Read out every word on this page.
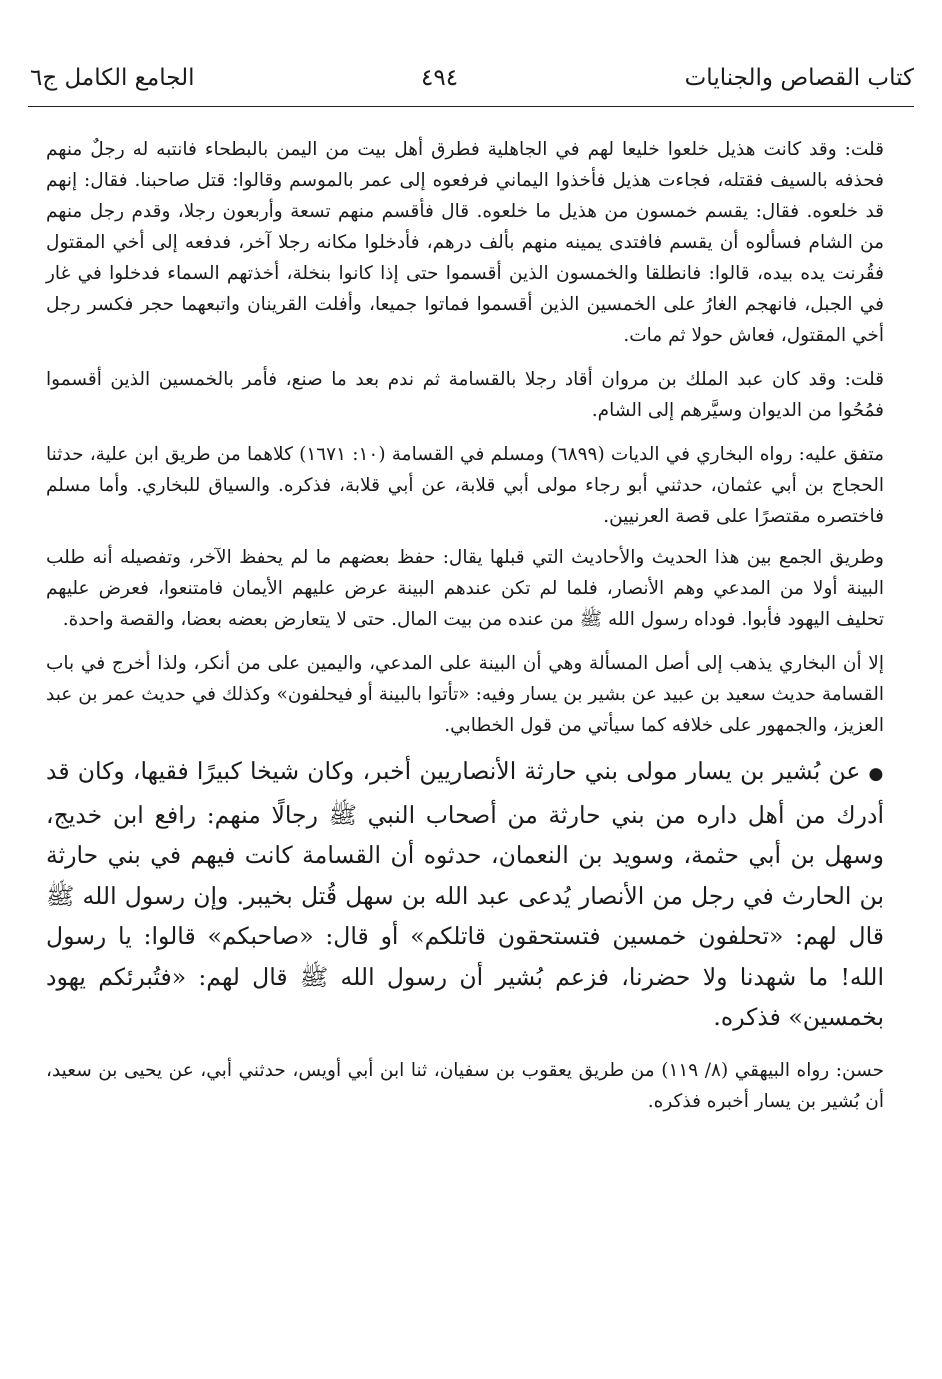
الجامع الكامل ج٦	٤٩٤	كتاب القصاص والجنايات

قلت: وقد كانت هذيل خلعوا خليعا لهم في الجاهلية فطرق أهل بيت من اليمن بالبطحاء فانتبه له رجلٌ منهم فحذفه بالسيف فقتله، فجاءت هذيل فأخذوا اليماني فرفعوه إلى عمر بالموسم وقالوا: قتل صاحبنا. فقال: إنهم قد خلعوه. فقال: يقسم خمسون من هذيل ما خلعوه. قال فأقسم منهم تسعة وأربعون رجلا، وقدم رجل منهم من الشام فسألوه أن يقسم فافتدى يمينه منهم بألف درهم، فأدخلوا مكانه رجلا آخر، فدفعه إلى أخي المقتول فقُرنت يده بيده، قالوا: فانطلقا والخمسون الذين أقسموا حتى إذا كانوا بنخلة، أخذتهم السماء فدخلوا في غار في الجبل، فانهجم الغارُ على الخمسين الذين أقسموا فماتوا جميعا، وأفلت القرينان واتبعهما حجر فكسر رجل أخي المقتول، فعاش حولا ثم مات.

قلت: وقد كان عبد الملك بن مروان أقاد رجلا بالقسامة ثم ندم بعد ما صنع، فأمر بالخمسين الذين أقسموا فمُحُوا من الديوان وسيَّرهم إلى الشام.

متفق عليه: رواه البخاري في الديات (٦٨٩٩) ومسلم في القسامة (١٠: ١٦٧١) كلاهما من طريق ابن علية، حدثنا الحجاج بن أبي عثمان، حدثني أبو رجاء مولى أبي قلابة، عن أبي قلابة، فذكره. والسياق للبخاري. وأما مسلم فاختصره مقتصرًا على قصة العرنيين.

وطريق الجمع بين هذا الحديث والأحاديث التي قبلها يقال: حفظ بعضهم ما لم يحفظ الآخر، وتفصيله أنه طلب البينة أولا من المدعي وهم الأنصار، فلما لم تكن عندهم البينة عرض عليهم الأيمان فامتنعوا، فعرض عليهم تحليف اليهود فأبوا. فوداه رسول الله ﷺ من عنده من بيت المال. حتى لا يتعارض بعضه بعضا، والقصة واحدة.

إلا أن البخاري يذهب إلى أصل المسألة وهي أن البينة على المدعي، واليمين على من أنكر، ولذا أخرج في باب القسامة حديث سعيد بن عبيد عن بشير بن يسار وفيه: «تأتوا بالبينة أو فيحلفون» وكذلك في حديث عمر بن عبد العزيز، والجمهور على خلافه كما سيأتي من قول الخطابي.

●عن بُشير بن يسار مولى بني حارثة الأنصاريين أخبر، وكان شيخا كبيرًا فقيها، وكان قد أدرك من أهل داره من بني حارثة من أصحاب النبي ﷺ رجالًا منهم: رافع ابن خديج، وسهل بن أبي حثمة، وسويد بن النعمان، حدثوه أن القسامة كانت فيهم في بني حارثة بن الحارث في رجل من الأنصار يُدعى عبد الله بن سهل قُتل بخيبر. وإن رسول الله ﷺ قال لهم: «تحلفون خمسين فتستحقون قاتلكم» أو قال: «صاحبكم» قالوا: يا رسول الله! ما شهدنا ولا حضرنا، فزعم بُشير أن رسول الله ﷺ قال لهم: «فتُبرئكم يهود بخمسين» فذكره.

حسن: رواه البيهقي (٨/ ١١٩) من طريق يعقوب بن سفيان، ثنا ابن أبي أويس، حدثني أبي، عن يحيى بن سعيد، أن بُشير بن يسار أخبره فذكره.
